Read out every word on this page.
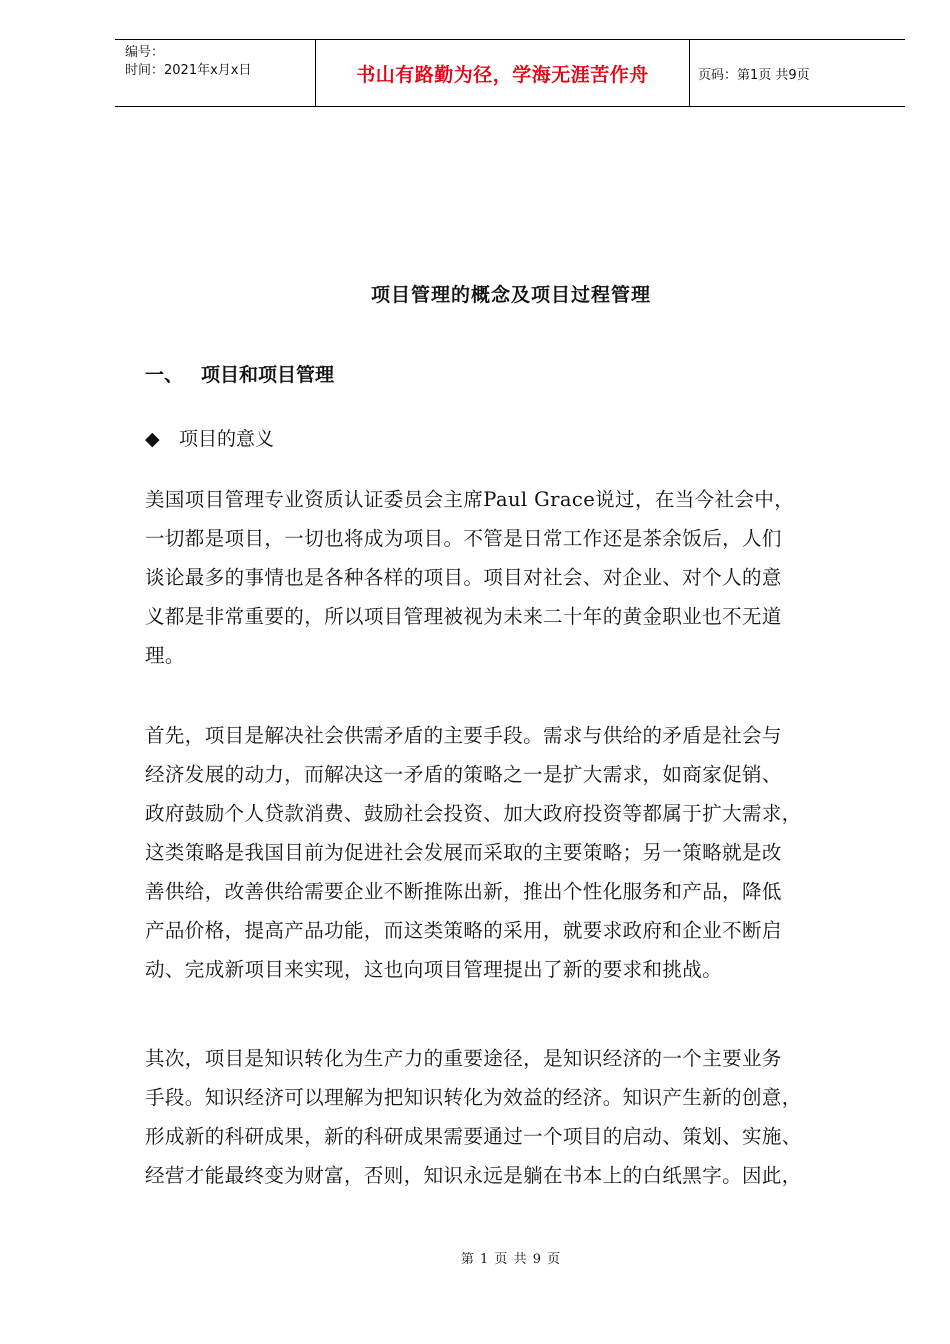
编号：
时间：2021年x月x日	书山有路勤为径，学海无涯苦作舟	页码：第1页 共9页
项目管理的概念及项目过程管理
一、 项目和项目管理
◆ 项目的意义

美国项目管理专业资质认证委员会主席Paul Grace说过，在当今社会中，
一切都是项目，一切也将成为项目。不管是日常工作还是茶余饭后，人们
谈论最多的事情也是各种各样的项目。项目对社会、对企业、对个人的意
义都是非常重要的，所以项目管理被视为未来二十年的黄金职业也不无道
理。

首先，项目是解决社会供需矛盾的主要手段。需求与供给的矛盾是社会与
经济发展的动力，而解决这一矛盾的策略之一是扩大需求，如商家促销、
政府鼓励个人贷款消费、鼓励社会投资、加大政府投资等都属于扩大需求，
这类策略是我国目前为促进社会发展而采取的主要策略；另一策略就是改
善供给，改善供给需要企业不断推陈出新，推出个性化服务和产品，降低
产品价格，提高产品功能，而这类策略的采用，就要求政府和企业不断启
动、完成新项目来实现，这也向项目管理提出了新的要求和挑战。

其次，项目是知识转化为生产力的重要途径，是知识经济的一个主要业务
手段。知识经济可以理解为把知识转化为效益的经济。知识产生新的创意，
形成新的科研成果，新的科研成果需要通过一个项目的启动、策划、实施、
经营才能最终变为财富，否则，知识永远是躺在书本上的白纸黑字。因此，

第 1 页 共 9 页
